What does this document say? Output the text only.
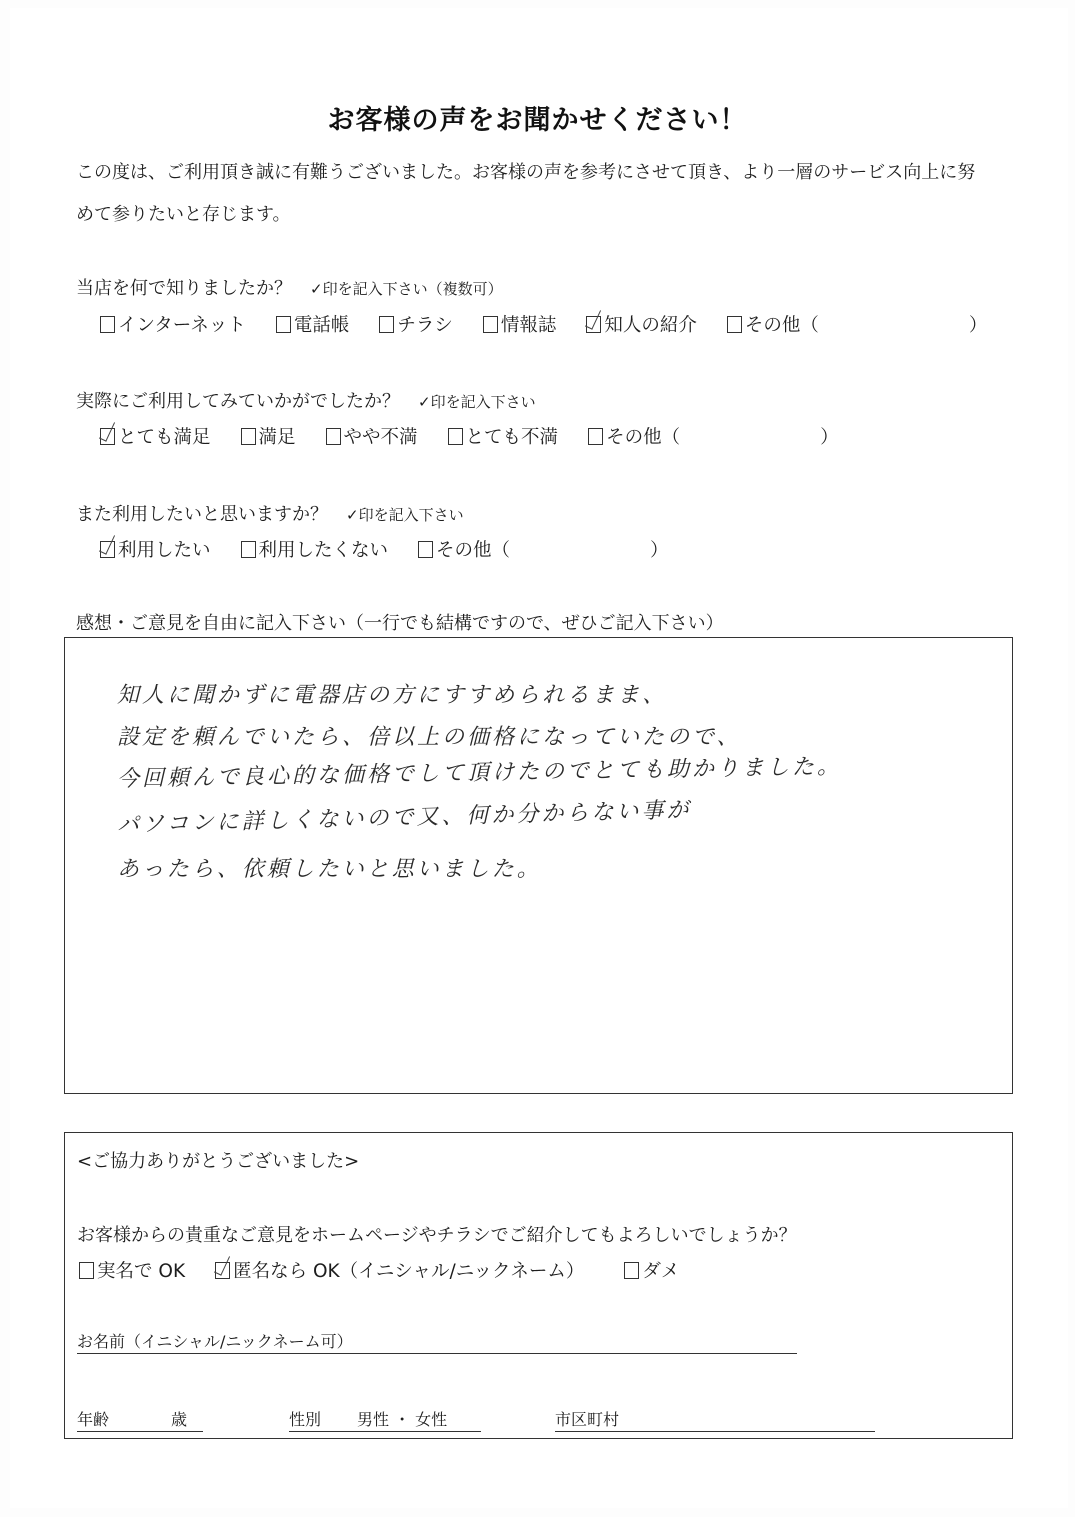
お客様の声をお聞かせください！
この度は、ご利用頂き誠に有難うございました。お客様の声を参考にさせて頂き、より一層のサービス向上に努
めて参りたいと存じます。
当店を何で知りましたか？ ✓印を記入下さい（複数可）
インターネット	電話帳	チラシ	情報誌	知人の紹介	その他（	）
実際にご利用してみていかがでしたか？ ✓印を記入下さい
とても満足	満足	やや不満	とても不満	その他（	）
また利用したいと思いますか？ ✓印を記入下さい
利用したい	利用したくない	その他（	）
感想・ご意見を自由に記入下さい（一行でも結構ですので、ぜひご記入下さい）
知人に聞かずに電器店の方にすすめられるまま、
設定を頼んでいたら、倍以上の価格になっていたので、
今回頼んで良心的な価格でして頂けたのでとても助かりました。
パソコンに詳しくないので又、何か分からない事が
あったら、依頼したいと思いました。
<ご協力ありがとうございました>
お客様からの貴重なご意見をホームページやチラシでご紹介してもよろしいでしょうか？
実名で OK	匿名なら OK（イニシャル/ニックネーム）	ダメ
お名前（イニシャル/ニックネーム可）
年齢	歳	性別 男性 ・ 女性	市区町村
